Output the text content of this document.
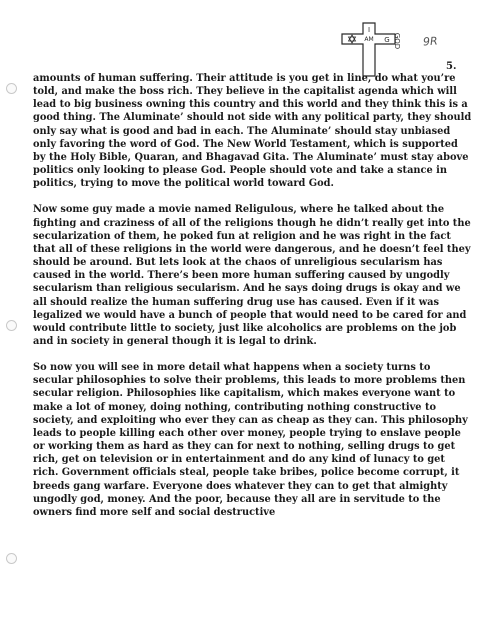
I
AM	GOD
G	9R
5.

amounts of human suffering. Their attitude is you get in line, do what you’re told, and make the boss rich. They believe in the capitalist agenda which will lead to big business owning this country and this world and they think this is a good thing. The Aluminate’ should not side with any political party, they should only say what is good and bad in each. The Aluminate’ should stay unbiased only favoring the word of God. The New World Testament, which is supported by the Holy Bible, Quaran, and Bhagavad Gita. The Aluminate’ must stay above politics only looking to please God. People should vote and take a stance in politics, trying to move the political world toward God.

Now some guy made a movie named Religulous, where he talked about the fighting and craziness of all of the religions though he didn’t really get into the secularization of them, he poked fun at religion and he was right in the fact that all of these religions in the world were dangerous, and he doesn’t feel they should be around. But lets look at the chaos of unreligious secularism has caused in the world. There’s been more human suffering caused by ungodly secularism than religious secularism. And he says doing drugs is okay and we all should realize the human suffering drug use has caused. Even if it was legalized we would have a bunch of people that would need to be cared for and would contribute little to society, just like alcoholics are problems on the job and in society in general though it is legal to drink.

So now you will see in more detail what happens when a society turns to secular philosophies to solve their problems, this leads to more problems then secular religion. Philosophies like capitalism, which makes everyone want to make a lot of money, doing nothing, contributing nothing constructive to society, and exploiting who ever they can as cheap as they can. This philosophy leads to people killing each other over money, people trying to enslave people or working them as hard as they can for next to nothing, selling drugs to get rich, get on television or in entertainment and do any kind of lunacy to get rich. Government officials steal, people take bribes, police become corrupt, it breeds gang warfare. Everyone does whatever they can to get that almighty ungodly god, money. And the poor, because they all are in servitude to the owners find more self and social destructive
